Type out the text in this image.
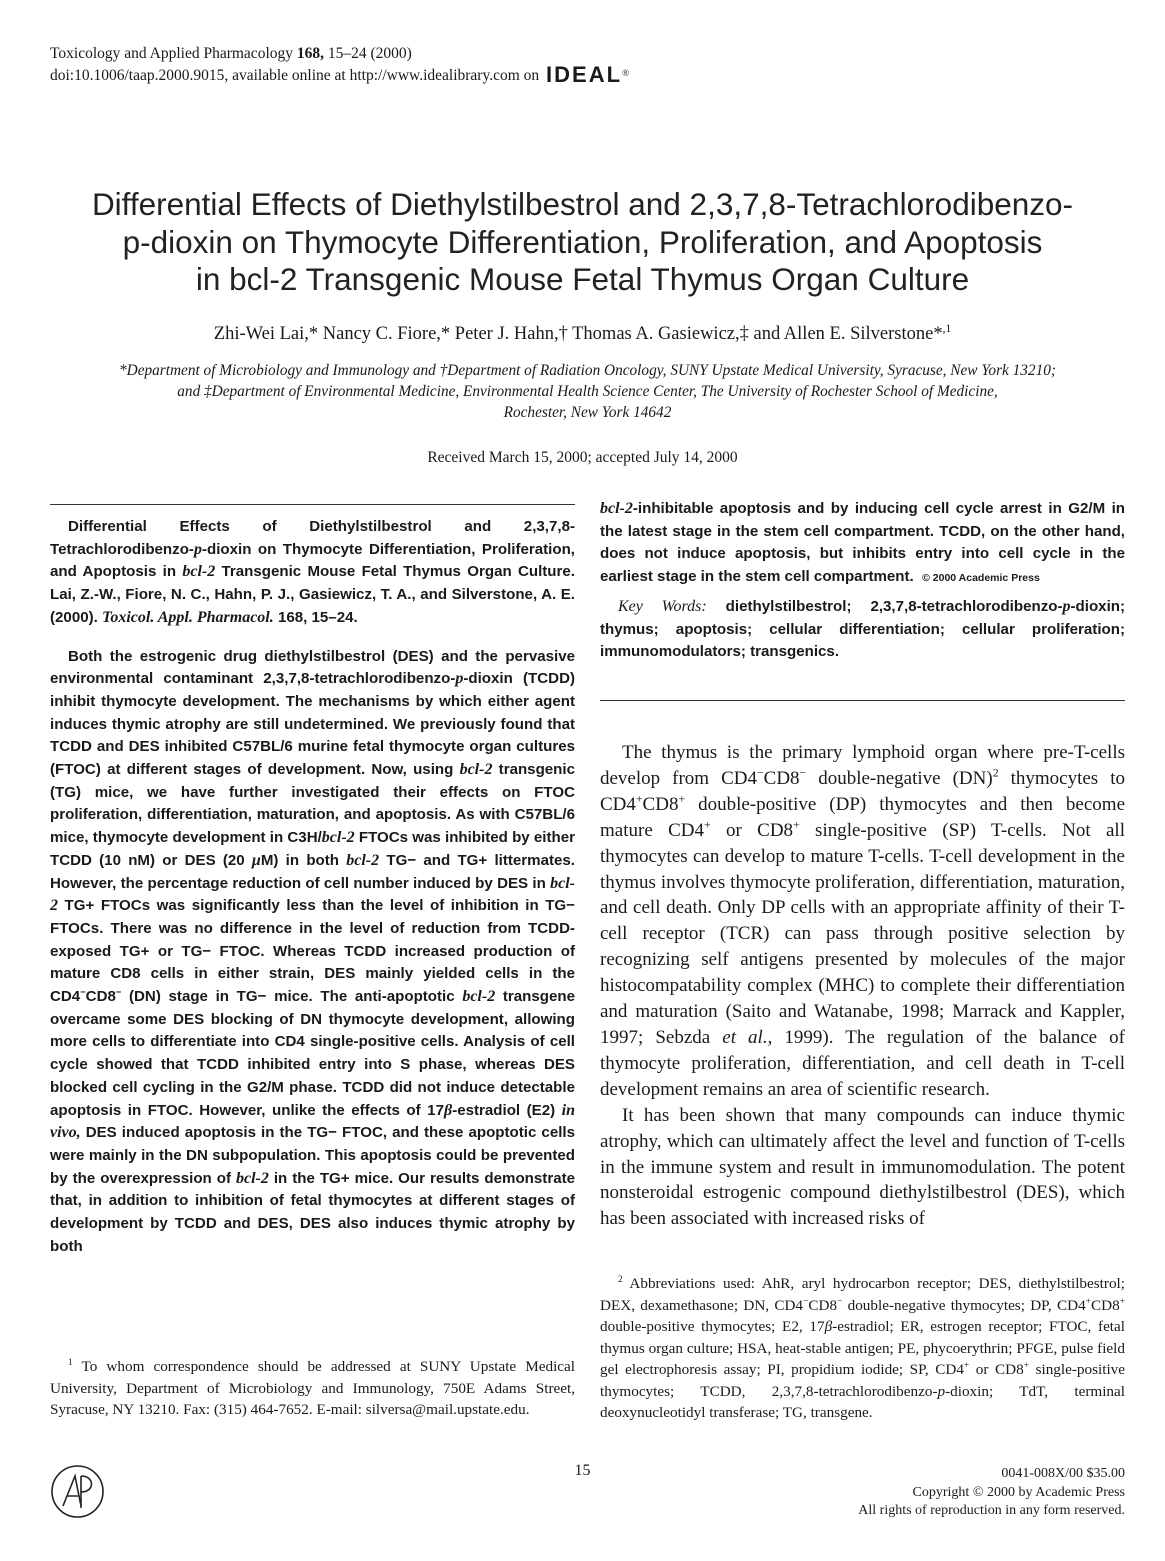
Toxicology and Applied Pharmacology 168, 15–24 (2000)
doi:10.1006/taap.2000.9015, available online at http://www.idealibrary.com on IDEAL®
Differential Effects of Diethylstilbestrol and 2,3,7,8-Tetrachlorodibenzo-
p-dioxin on Thymocyte Differentiation, Proliferation, and Apoptosis
in bcl-2 Transgenic Mouse Fetal Thymus Organ Culture
Zhi-Wei Lai,* Nancy C. Fiore,* Peter J. Hahn,† Thomas A. Gasiewicz,‡ and Allen E. Silverstone*$^{,1}$
*Department of Microbiology and Immunology and †Department of Radiation Oncology, SUNY Upstate Medical University, Syracuse, New York 13210;
and ‡Department of Environmental Medicine, Environmental Health Science Center, The University of Rochester School of Medicine,
Rochester, New York 14642
Received March 15, 2000; accepted July 14, 2000

Differential Effects of Diethylstilbestrol and 2,3,7,8-Tetrachlorodibenzo-p-dioxin on Thymocyte Differentiation, Proliferation, and Apoptosis in bcl-2 Transgenic Mouse Fetal Thymus Organ Culture. Lai, Z.-W., Fiore, N. C., Hahn, P. J., Gasiewicz, T. A., and Silverstone, A. E. (2000). Toxicol. Appl. Pharmacol. 168, 15–24.

Both the estrogenic drug diethylstilbestrol (DES) and the pervasive environmental contaminant 2,3,7,8-tetrachlorodibenzo-p-dioxin (TCDD) inhibit thymocyte development. The mechanisms by which either agent induces thymic atrophy are still undetermined. We previously found that TCDD and DES inhibited C57BL/6 murine fetal thymocyte organ cultures (FTOC) at different stages of development. Now, using bcl-2 transgenic (TG) mice, we have further investigated their effects on FTOC proliferation, differentiation, maturation, and apoptosis. As with C57BL/6 mice, thymocyte development in C3H/bcl-2 FTOCs was inhibited by either TCDD (10 nM) or DES (20 μM) in both bcl-2 TG− and TG+ littermates. However, the percentage reduction of cell number induced by DES in bcl-2 TG+ FTOCs was significantly less than the level of inhibition in TG− FTOCs. There was no difference in the level of reduction from TCDD-exposed TG+ or TG− FTOC. Whereas TCDD increased production of mature CD8 cells in either strain, DES mainly yielded cells in the CD4−CD8− (DN) stage in TG− mice. The anti-apoptotic bcl-2 transgene overcame some DES blocking of DN thymocyte development, allowing more cells to differentiate into CD4 single-positive cells. Analysis of cell cycle showed that TCDD inhibited entry into S phase, whereas DES blocked cell cycling in the G2/M phase. TCDD did not induce detectable apoptosis in FTOC. However, unlike the effects of 17β-estradiol (E2) in vivo, DES induced apoptosis in the TG− FTOC, and these apoptotic cells were mainly in the DN subpopulation. This apoptosis could be prevented by the overexpression of bcl-2 in the TG+ mice. Our results demonstrate that, in addition to inhibition of fetal thymocytes at different stages of development by TCDD and DES, DES also induces thymic atrophy by both

bcl-2-inhibitable apoptosis and by inducing cell cycle arrest in G2/M in the latest stage in the stem cell compartment. TCDD, on the other hand, does not induce apoptosis, but inhibits entry into cell cycle in the earliest stage in the stem cell compartment. © 2000 Academic Press

Key Words: diethylstilbestrol; 2,3,7,8-tetrachlorodibenzo-p-dioxin; thymus; apoptosis; cellular differentiation; cellular proliferation; immunomodulators; transgenics.

The thymus is the primary lymphoid organ where pre-T-cells develop from CD4−CD8− double-negative (DN)$^2$ thymocytes to CD4+CD8+ double-positive (DP) thymocytes and then become mature CD4+ or CD8+ single-positive (SP) T-cells. Not all thymocytes can develop to mature T-cells. T-cell development in the thymus involves thymocyte proliferation, differentiation, maturation, and cell death. Only DP cells with an appropriate affinity of their T-cell receptor (TCR) can pass through positive selection by recognizing self antigens presented by molecules of the major histocompatability complex (MHC) to complete their differentiation and maturation (Saito and Watanabe, 1998; Marrack and Kappler, 1997; Sebzda et al., 1999). The regulation of the balance of thymocyte proliferation, differentiation, and cell death in T-cell development remains an area of scientific research.

It has been shown that many compounds can induce thymic atrophy, which can ultimately affect the level and function of T-cells in the immune system and result in immunomodulation. The potent nonsteroidal estrogenic compound diethylstilbestrol (DES), which has been associated with increased risks of

$^2$ Abbreviations used: AhR, aryl hydrocarbon receptor; DES, diethylstilbestrol; DEX, dexamethasone; DN, CD4−CD8− double-negative thymocytes; DP, CD4+CD8+ double-positive thymocytes; E2, 17β-estradiol; ER, estrogen receptor; FTOC, fetal thymus organ culture; HSA, heat-stable antigen; PE, phycoerythrin; PFGE, pulse field gel electrophoresis assay; PI, propidium iodide; SP, CD4+ or CD8+ single-positive thymocytes; TCDD, 2,3,7,8-tetrachlorodibenzo-p-dioxin; TdT, terminal deoxynucleotidyl transferase; TG, transgene.

$^1$ To whom correspondence should be addressed at SUNY Upstate Medical University, Department of Microbiology and Immunology, 750E Adams Street, Syracuse, NY 13210. Fax: (315) 464-7652. E-mail: silversa@mail.upstate.edu.

15	0041-008X/00 $35.00
Copyright © 2000 by Academic Press
All rights of reproduction in any form reserved.
